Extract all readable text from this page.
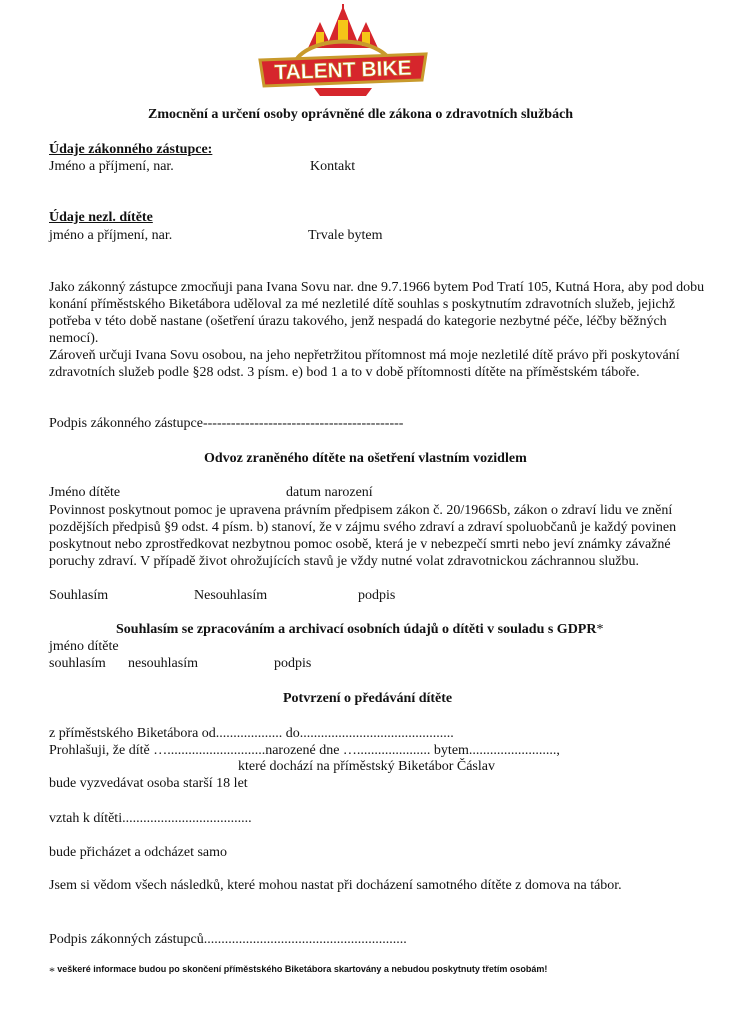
TALENT BIKE
Zmocnění a určení osoby oprávněné dle zákona o zdravotních službách
Údaje zákonného zástupce:
Jméno a příjmení, nar.	Kontakt
Údaje nezl. dítěte
jméno a příjmení, nar.	Trvale bytem
Jako zákonný zástupce zmocňuji pana Ivana Sovu nar. dne 9.7.1966 bytem Pod Tratí 105, Kutná Hora, aby pod dobu konání příměstského Biketábora uděloval za mé nezletilé dítě souhlas s poskytnutím zdravotních služeb, jejichž potřeba v této době nastane (ošetření úrazu takového, jenž nespadá do kategorie nezbytné péče, léčby běžných nemocí).
Zároveň určuji Ivana Sovu osobou, na jeho nepřetržitou přítomnost má moje nezletilé dítě právo při poskytování zdravotních služeb podle §28 odst. 3 písm. e) bod 1 a to v době přítomnosti dítěte na příměstském táboře.
Podpis zákonného zástupce-------------------------------------------
Odvoz zraněného dítěte na ošetření vlastním vozidlem
Jméno dítěte	datum narození
Povinnost poskytnout pomoc je upravena právním předpisem zákon č. 20/1966Sb, zákon o zdraví lidu ve znění pozdějších předpisů §9 odst. 4 písm. b) stanoví, že v zájmu svého zdraví a zdraví spoluobčanů je každý povinen poskytnout nebo zprostředkovat nezbytnou pomoc osobě, která je v nebezpečí smrti nebo jeví známky závažné poruchy zdraví. V případě život ohrožujících stavů je vždy nutné volat zdravotnickou záchrannou službu.
Souhlasím	Nesouhlasím	podpis
Souhlasím se zpracováním a archivací osobních údajů o dítěti v souladu s GDPR*
jméno dítěte
souhlasím nesouhlasím	podpis
Potvrzení o předávání dítěte
z příměstského Biketábora od................... do............................................
Prohlašuji, že dítě …............................narozené dne …..................... bytem.........................,
které dochází na příměstský Biketábor Čáslav
bude vyzvedávat osoba starší 18 let
vztah k dítěti.....................................
bude přicházet a odcházet samo
Jsem si vědom všech následků, které mohou nastat při docházení samotného dítěte z domova na tábor.
Podpis zákonných zástupců..........................................................
* veškeré informace budou po skončení příměstského Biketábora skartovány a nebudou poskytnuty třetím osobám!
